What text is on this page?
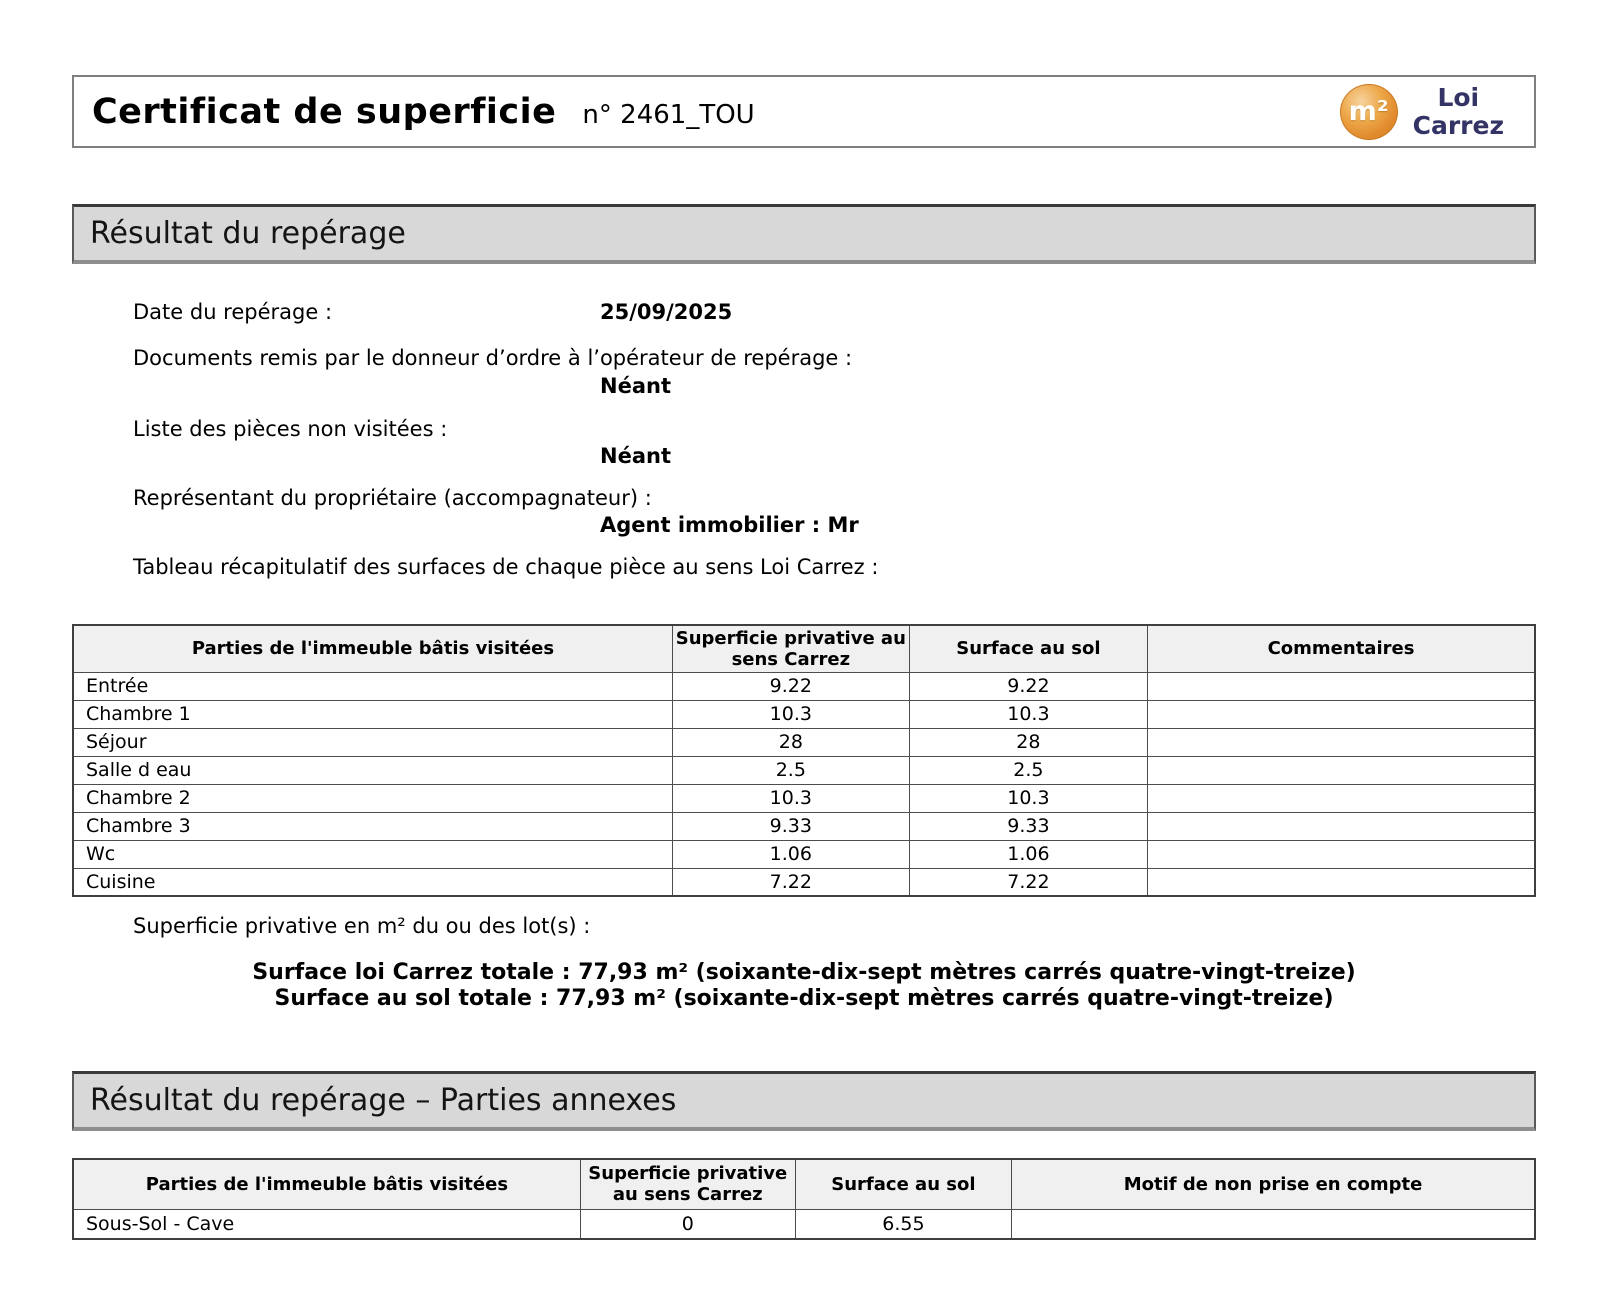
Certificat de superficie n° 2461_TOU	m²	Loi
Carrez
Résultat du repérage
Date du repérage :	25/09/2025
Documents remis par le donneur d’ordre à l’opérateur de repérage :
Néant
Liste des pièces non visitées :
Néant
Représentant du propriétaire (accompagnateur) :
Agent immobilier : Mr
Tableau récapitulatif des surfaces de chaque pièce au sens Loi Carrez :
Parties de l'immeuble bâtis visitées	Superficie privative au sens Carrez	Surface au sol	Commentaires
Entrée	9.22	9.22	
Chambre 1	10.3	10.3	
Séjour	28	28	
Salle d eau	2.5	2.5	
Chambre 2	10.3	10.3	
Chambre 3	9.33	9.33	
Wc	1.06	1.06	
Cuisine	7.22	7.22	
Superficie privative en m² du ou des lot(s) :
Surface loi Carrez totale : 77,93 m² (soixante-dix-sept mètres carrés quatre-vingt-treize)
Surface au sol totale : 77,93 m² (soixante-dix-sept mètres carrés quatre-vingt-treize)
Résultat du repérage – Parties annexes
Parties de l'immeuble bâtis visitées	Superficie privative au sens Carrez	Surface au sol	Motif de non prise en compte
Sous-Sol - Cave	0	6.55	
